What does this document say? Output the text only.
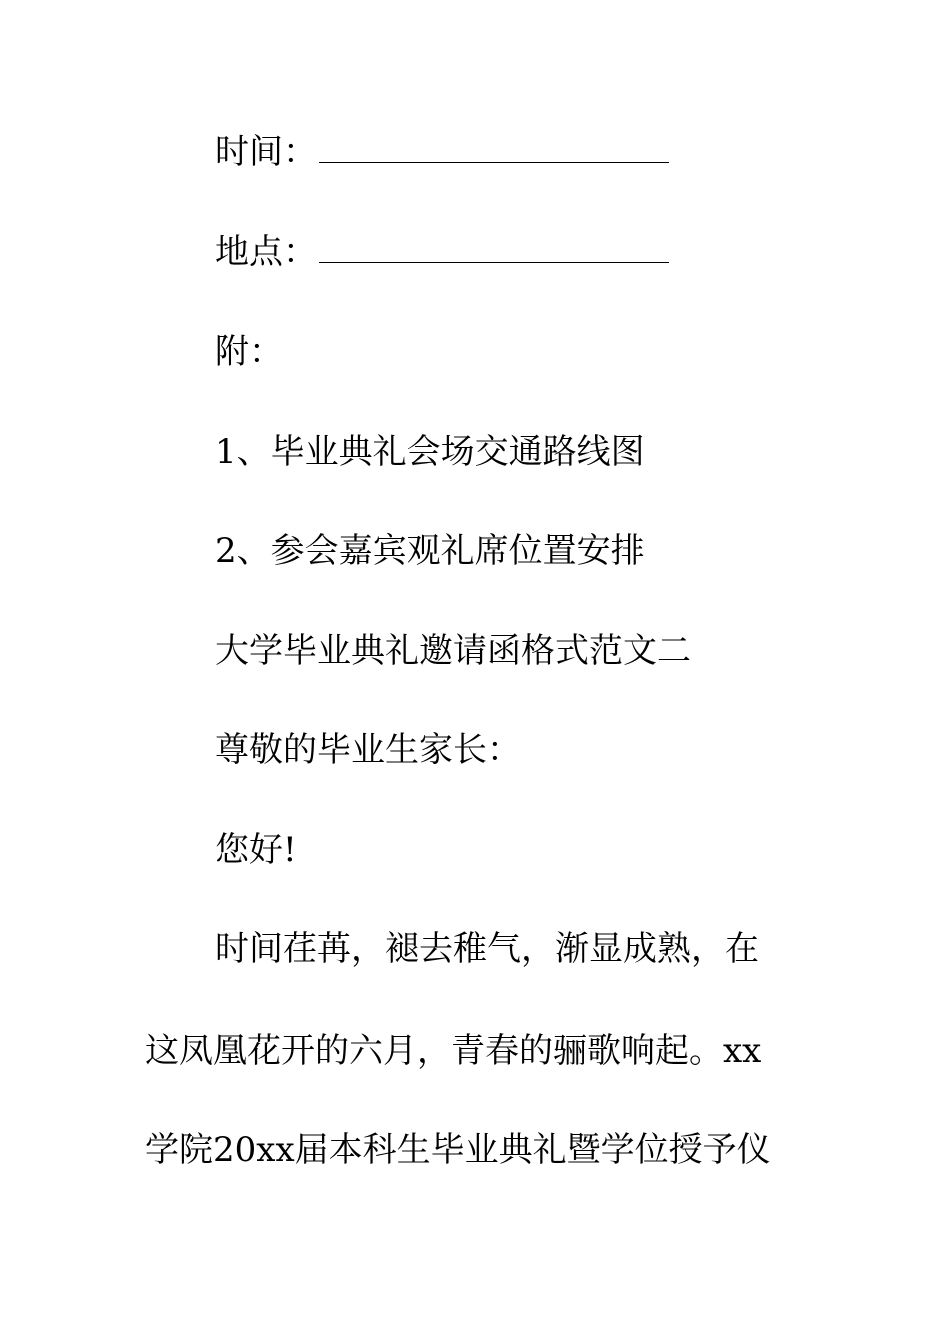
时间：
地点：
附：
1、毕业典礼会场交通路线图
2、参会嘉宾观礼席位置安排
大学毕业典礼邀请函格式范文二
尊敬的毕业生家长：
您好!
时间荏苒，褪去稚气，渐显成熟，在
这凤凰花开的六月，青春的骊歌响起。xx
学院20xx届本科生毕业典礼暨学位授予仪
